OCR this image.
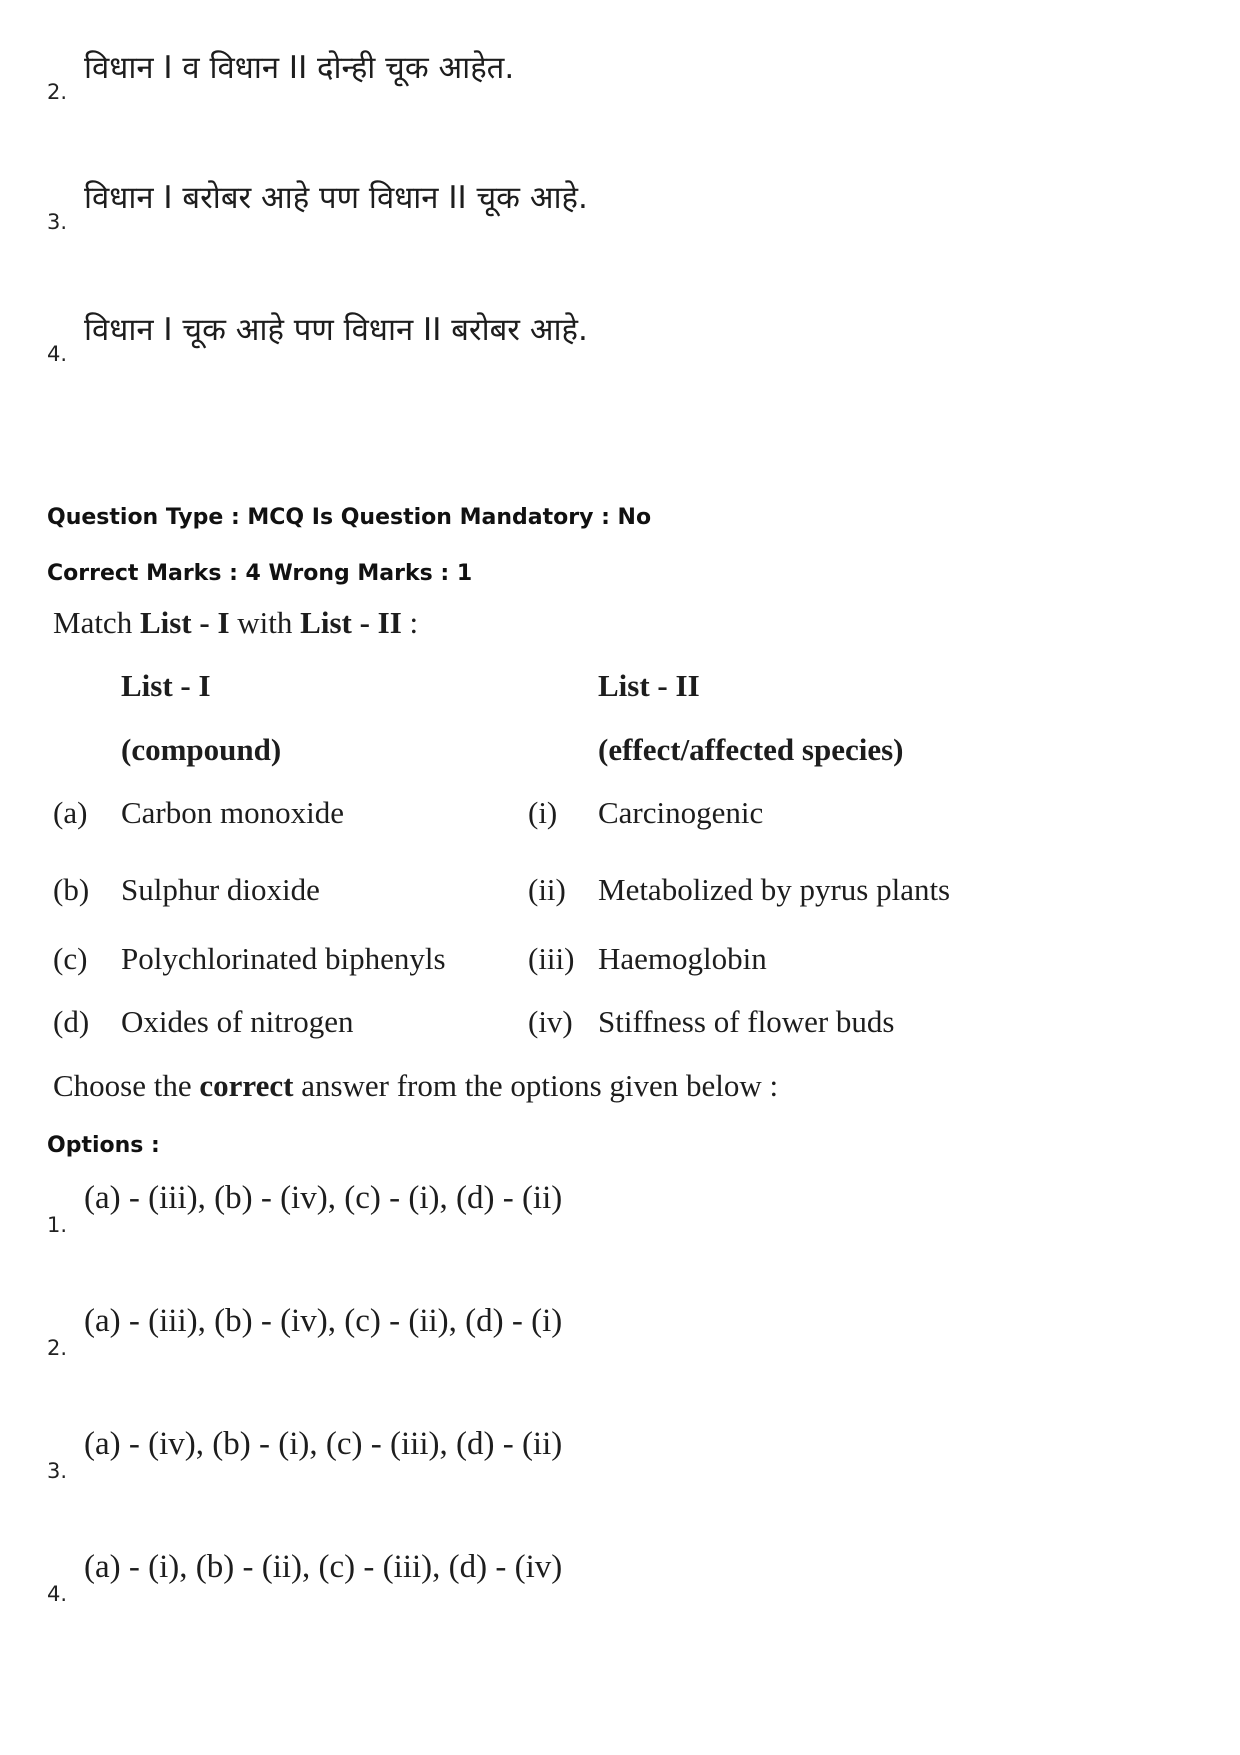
2.
विधान I व विधान II दोन्ही चूक आहेत.
3.
विधान I बरोबर आहे पण विधान II चूक आहे.
4.
विधान I चूक आहे पण विधान II बरोबर आहे.
Question Type : MCQ Is Question Mandatory : No
Correct Marks : 4 Wrong Marks : 1
Match List - I with List - II :
List - I	List - II
(compound)	(effect/affected species)
(a) Carbon monoxide	(i) Carcinogenic
(b) Sulphur dioxide	(ii) Metabolized by pyrus plants
(c) Polychlorinated biphenyls	(iii) Haemoglobin
(d) Oxides of nitrogen	(iv) Stiffness of flower buds
Choose the correct answer from the options given below :
Options :
1.
(a) - (iii), (b) - (iv), (c) - (i), (d) - (ii)
2.
(a) - (iii), (b) - (iv), (c) - (ii), (d) - (i)
3.
(a) - (iv), (b) - (i), (c) - (iii), (d) - (ii)
4.
(a) - (i), (b) - (ii), (c) - (iii), (d) - (iv)
